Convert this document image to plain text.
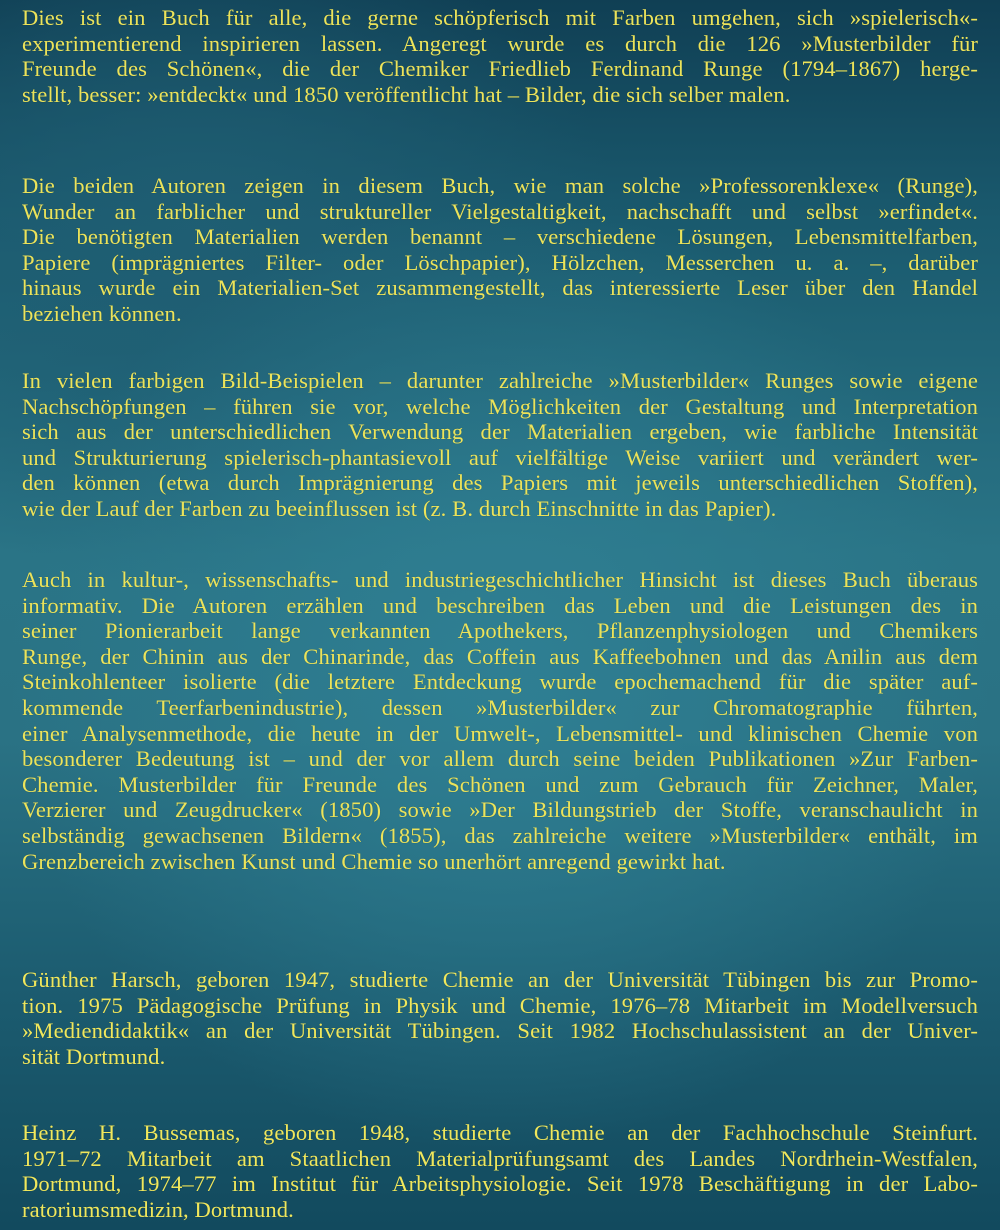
Dies ist ein Buch für alle, die gerne schöpferisch mit Farben umgehen, sich »spielerisch«-
experimentierend inspirieren lassen. Angeregt wurde es durch die 126 »Musterbilder für
Freunde des Schönen«, die der Chemiker Friedlieb Ferdinand Runge (1794–1867) herge-
stellt, besser: »entdeckt« und 1850 veröffentlicht hat – Bilder, die sich selber malen.
Die beiden Autoren zeigen in diesem Buch, wie man solche »Professorenklexe« (Runge),
Wunder an farblicher und struktureller Vielgestaltigkeit, nachschafft und selbst »erfindet«.
Die benötigten Materialien werden benannt – verschiedene Lösungen, Lebensmittelfarben,
Papiere (imprägniertes Filter- oder Löschpapier), Hölzchen, Messerchen u. a. –, darüber
hinaus wurde ein Materialien-Set zusammengestellt, das interessierte Leser über den Handel
beziehen können.
In vielen farbigen Bild-Beispielen – darunter zahlreiche »Musterbilder« Runges sowie eigene
Nachschöpfungen – führen sie vor, welche Möglichkeiten der Gestaltung und Interpretation
sich aus der unterschiedlichen Verwendung der Materialien ergeben, wie farbliche Intensität
und Strukturierung spielerisch-phantasievoll auf vielfältige Weise variiert und verändert wer-
den können (etwa durch Imprägnierung des Papiers mit jeweils unterschiedlichen Stoffen),
wie der Lauf der Farben zu beeinflussen ist (z. B. durch Einschnitte in das Papier).
Auch in kultur-, wissenschafts- und industriegeschichtlicher Hinsicht ist dieses Buch überaus
informativ. Die Autoren erzählen und beschreiben das Leben und die Leistungen des in
seiner Pionierarbeit lange verkannten Apothekers, Pflanzenphysiologen und Chemikers
Runge, der Chinin aus der Chinarinde, das Coffein aus Kaffeebohnen und das Anilin aus dem
Steinkohlenteer isolierte (die letztere Entdeckung wurde epochemachend für die später auf-
kommende Teerfarbenindustrie), dessen »Musterbilder« zur Chromatographie führten,
einer Analysenmethode, die heute in der Umwelt-, Lebensmittel- und klinischen Chemie von
besonderer Bedeutung ist – und der vor allem durch seine beiden Publikationen »Zur Farben-
Chemie. Musterbilder für Freunde des Schönen und zum Gebrauch für Zeichner, Maler,
Verzierer und Zeugdrucker« (1850) sowie »Der Bildungstrieb der Stoffe, veranschaulicht in
selbständig gewachsenen Bildern« (1855), das zahlreiche weitere »Musterbilder« enthält, im
Grenzbereich zwischen Kunst und Chemie so unerhört anregend gewirkt hat.
Günther Harsch, geboren 1947, studierte Chemie an der Universität Tübingen bis zur Promo-
tion. 1975 Pädagogische Prüfung in Physik und Chemie, 1976–78 Mitarbeit im Modellversuch
»Mediendidaktik« an der Universität Tübingen. Seit 1982 Hochschulassistent an der Univer-
sität Dortmund.
Heinz H. Bussemas, geboren 1948, studierte Chemie an der Fachhochschule Steinfurt.
1971–72 Mitarbeit am Staatlichen Materialprüfungsamt des Landes Nordrhein-Westfalen,
Dortmund, 1974–77 im Institut für Arbeitsphysiologie. Seit 1978 Beschäftigung in der Labo-
ratoriumsmedizin, Dortmund.
